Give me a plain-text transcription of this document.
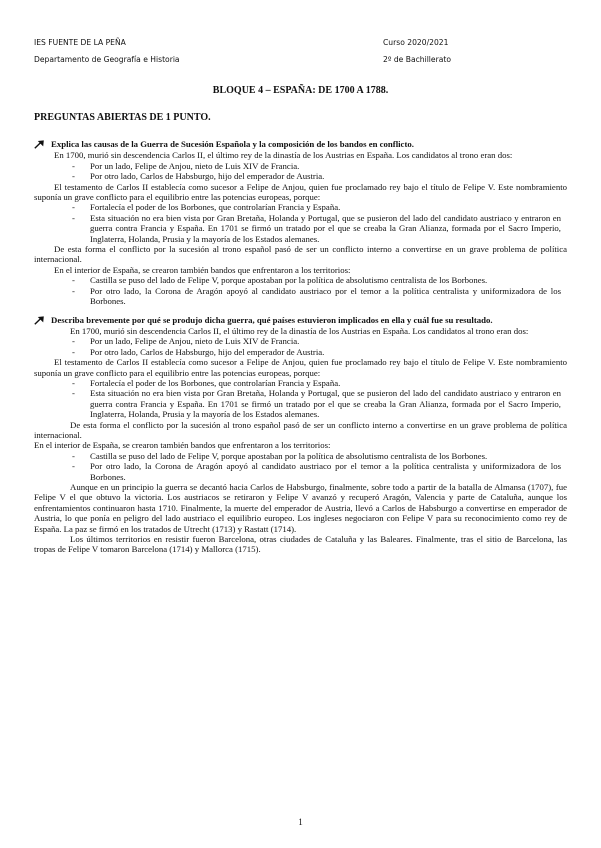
IES FUENTE DE LA PEÑA
Departamento de Geografía e Historia
Curso 2020/2021
2º de Bachillerato
BLOQUE 4 – ESPAÑA: DE 1700 A 1788.
PREGUNTAS ABIERTAS DE 1 PUNTO.

Explica las causas de la Guerra de Sucesión Española y la composición de los bandos en conflicto.

En 1700, murió sin descendencia Carlos II, el último rey de la dinastía de los Austrias en España. Los candidatos al trono eran dos:

- Por un lado, Felipe de Anjou, nieto de Luis XIV de Francia.
- Por otro lado, Carlos de Habsburgo, hijo del emperador de Austria.

El testamento de Carlos II establecía como sucesor a Felipe de Anjou, quien fue proclamado rey bajo el título de Felipe V. Este nombramiento suponía un grave conflicto para el equilibrio entre las potencias europeas, porque:

- Fortalecía el poder de los Borbones, que controlarían Francia y España.
- Esta situación no era bien vista por Gran Bretaña, Holanda y Portugal, que se pusieron del lado del candidato austriaco y entraron en guerra contra Francia y España. En 1701 se firmó un tratado por el que se creaba la Gran Alianza, formada por el Sacro Imperio, Inglaterra, Holanda, Prusia y la mayoría de los Estados alemanes.

De esta forma el conflicto por la sucesión al trono español pasó de ser un conflicto interno a convertirse en un grave problema de política internacional.

En el interior de España, se crearon también bandos que enfrentaron a los territorios:

- Castilla se puso del lado de Felipe V, porque apostaban por la política de absolutismo centralista de los Borbones.
- Por otro lado, la Corona de Aragón apoyó al candidato austriaco por el temor a la política centralista y uniformizadora de los Borbones.

Describa brevemente por qué se produjo dicha guerra, qué países estuvieron implicados en ella y cuál fue su resultado.

En 1700, murió sin descendencia Carlos II, el último rey de la dinastía de los Austrias en España. Los candidatos al trono eran dos:

- Por un lado, Felipe de Anjou, nieto de Luis XIV de Francia.
- Por otro lado, Carlos de Habsburgo, hijo del emperador de Austria.

El testamento de Carlos II establecía como sucesor a Felipe de Anjou, quien fue proclamado rey bajo el título de Felipe V. Este nombramiento suponía un grave conflicto para el equilibrio entre las potencias europeas, porque:

- Fortalecía el poder de los Borbones, que controlarían Francia y España.
- Esta situación no era bien vista por Gran Bretaña, Holanda y Portugal, que se pusieron del lado del candidato austriaco y entraron en guerra contra Francia y España. En 1701 se firmó un tratado por el que se creaba la Gran Alianza, formada por el Sacro Imperio, Inglaterra, Holanda, Prusia y la mayoría de los Estados alemanes.

De esta forma el conflicto por la sucesión al trono español pasó de ser un conflicto interno a convertirse en un grave problema de política internacional.

En el interior de España, se crearon también bandos que enfrentaron a los territorios:

- Castilla se puso del lado de Felipe V, porque apostaban por la política de absolutismo centralista de los Borbones.
- Por otro lado, la Corona de Aragón apoyó al candidato austriaco por el temor a la política centralista y uniformizadora de los Borbones.

Aunque en un principio la guerra se decantó hacia Carlos de Habsburgo, finalmente, sobre todo a partir de la batalla de Almansa (1707), fue Felipe V el que obtuvo la victoria. Los austriacos se retiraron y Felipe V avanzó y recuperó Aragón, Valencia y parte de Cataluña, aunque los enfrentamientos continuaron hasta 1710. Finalmente, la muerte del emperador de Austria, llevó a Carlos de Habsburgo a convertirse en emperador de Austria, lo que ponía en peligro del lado austriaco el equilibrio europeo. Los ingleses negociaron con Felipe V para su reconocimiento como rey de España. La paz se firmó en los tratados de Utrecht (1713) y Rastatt (1714).

Los últimos territorios en resistir fueron Barcelona, otras ciudades de Cataluña y las Baleares. Finalmente, tras el sitio de Barcelona, las tropas de Felipe V tomaron Barcelona (1714) y Mallorca (1715).

1
